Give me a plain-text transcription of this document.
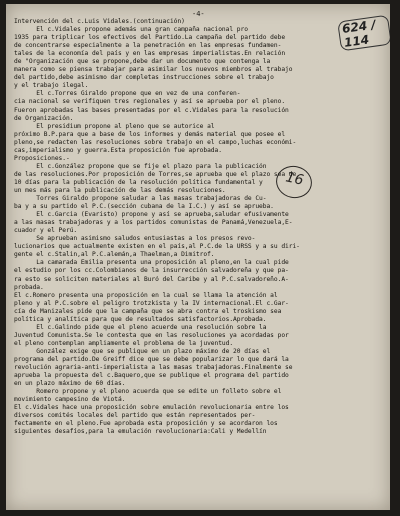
-4-
624 / 114
16
Intervención del c.Luis Vidales.(continuación)
El c.Vidales propone además una gran campaña nacional pro
1935 para triplicar los efectivos del Partido.La campaña del partido debe
de concentrarse especialmente a la penetración en las empresas fundamen-
tales de la economía del país y en las empresas imperialistas.En relación
de "Organización que se propone,debe dar un documento que contenga la
manera como se piensa trabajar para asimilar los nuevos miembros al trabajo
del partido,debe asimismo dar completas instrucciones sobre el trabajo
y el trabajo ilegal.
El c.Torres Giraldo propone que en vez de una conferen-
cia nacional se verifiquen tres regionales y así se aprueba por el pleno.
Fueron aprobadas las bases presentadas por el c.Vidales para la resolución
de Organización.
El presidium propone al pleno que se autorice al
próximo B.P.para que a base de los informes y demás material que posee el
pleno,se redacten las resoluciones sobre trabajo en el campo,luchas económi-
cas,imperialismo y guerra.Esta proposición fue aprobada.
Proposiciones.-
El c.González propone que se fije el plazo para la publicación
de las resoluciones.Por proposición de Torres,se aprueba que el plazo sea de
10 días para la publicación de la resolución política fundamental y
un mes más para la publicación de las demás resoluciones.
Torres Giraldo propone saludar a las masas trabajadoras de Cu-
ba y a su partido el P.C.(sección cubana de la I.C.) y así se aprueba.
El c.Garcia (Evaristo) propone y así se aprueba,saludar efusivamente
a las masas trabajadoras y a los partidos comunistas de Panamá,Venezuela,E-
cuador y el Perú.
Se aprueban asimismo saludos entusiastas a los presos revo-
lucionarios que actualmente existen en el país,al P.C.de la URSS y a su diri-
gente el c.Stalin,al P.C.alemán,a Thaelman,a Dimitrof.
La camarada Emilia presenta una proposición al pleno,en la cual pide
el estudio por los cc.Colombianos de la insurrección salvadoreña y que pa-
ra esto se soliciten materiales al Buró del Caribe y al P.C.salvadoreño.A-
probada.
El c.Romero presenta una proposición en la cual se llama la atención al
pleno y al P.C.sobre el peligro trotzkista y la IV internacional.El c.Gar-
cía de Manizales pide que la campaña que se abra contra el troskismo sea
política y analítica para que de resultados satisfactorios.Aprobada.
El c.Galindo pide que el pleno acuerde una resolución sobre la
Juventud Comunista.Se le contesta que en las resoluciones ya acordadas por
el pleno contemplan ampliamente el problema de la juventud.
González exige que se publique en un plazo máximo de 20 días el
programa del partido.De Greiff dice que se debe popularizar lo que dará la
revolución agraria-anti-imperialista a las masas trabajadoras.Finalmente se
aprueba la propuesta del c.Baquero,que se publique el programa del partido
en un plazo máximo de 60 días.
Romero propone y el pleno acuerda que se edite un folleto sobre el
movimiento campesino de Viotá.
El c.Vidales hace una proposición sobre emulación revolucionaria entre los
diversos comités locales del partido que están representados per-
fectamente en el pleno.Fue aprobada esta proposición y se acordaron los
siguientes desafíos,para la emulación revolucionaria:Cali y Medellín
